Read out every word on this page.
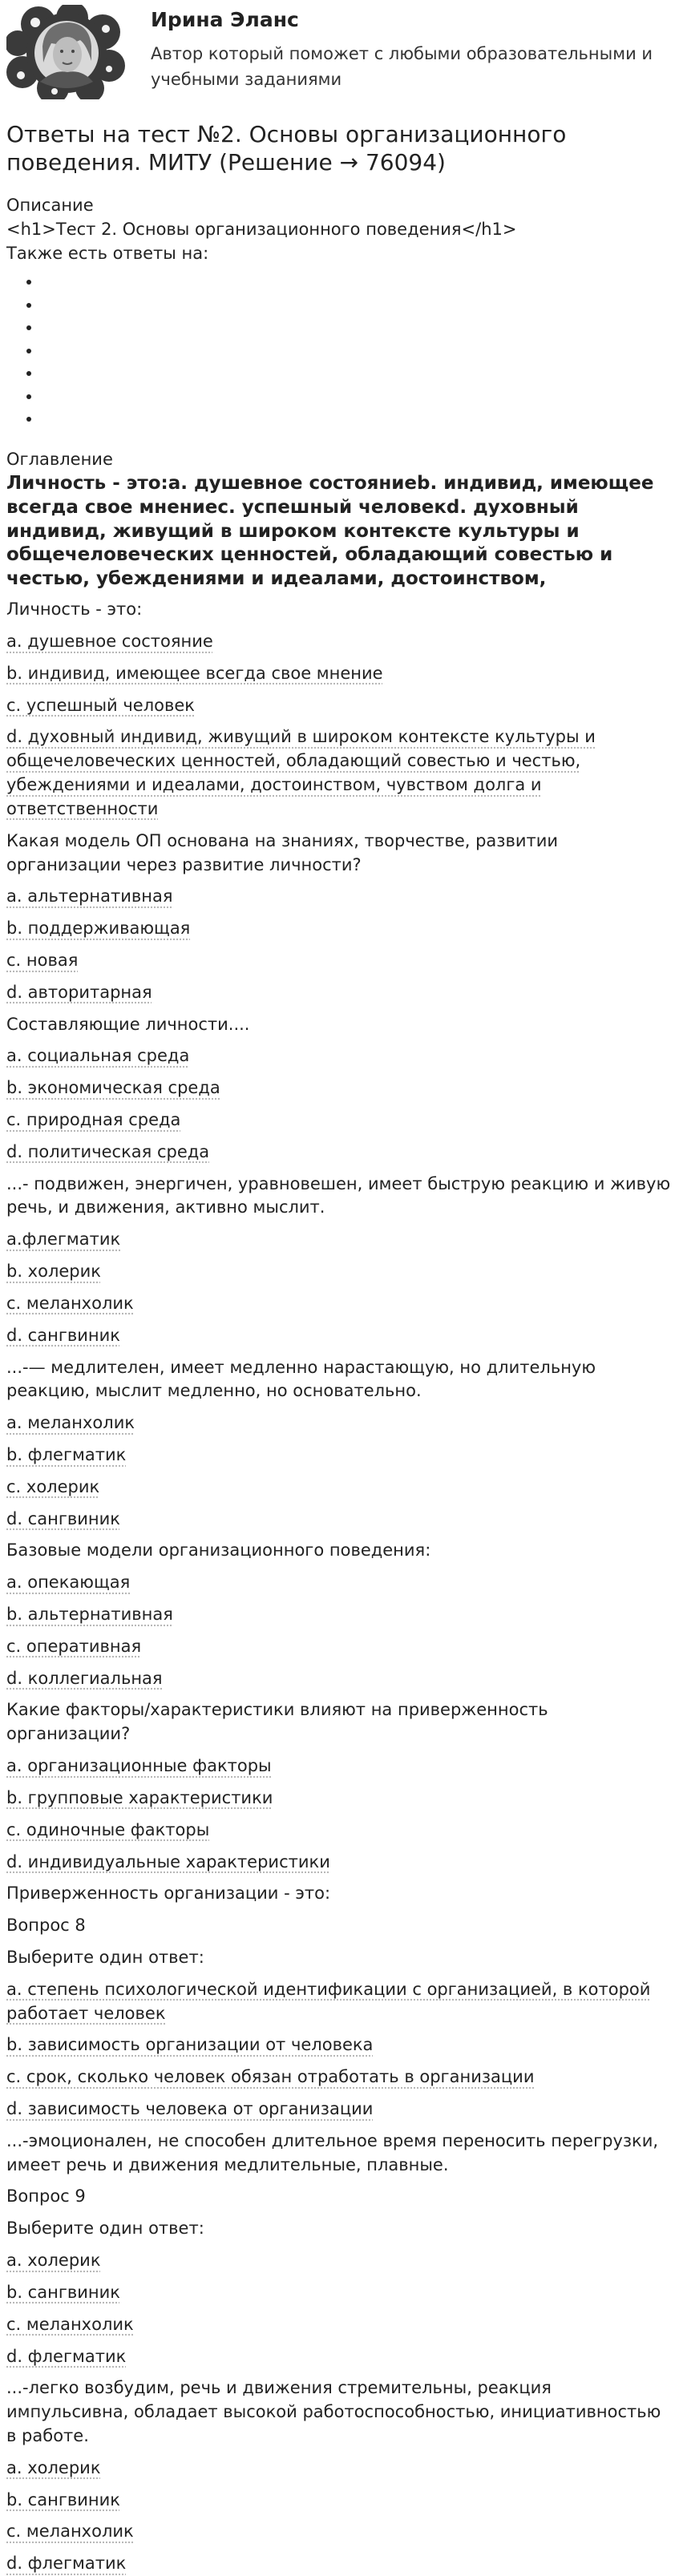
Ирина Эланс
Автор который поможет с любыми образовательными и учебными заданиями
Ответы на тест №2. Основы организационного поведения. МИТУ (Решение → 76094)
Описание
<h1>Тест 2. Основы организационного поведения</h1>
Также есть ответы на:
•
•
•
•
•
•
•
Оглавление
Личность - это:a. душевное состояниеb. индивид, имеющее всегда свое мнениес. успешный человекd. духовный индивид, живущий в широком контексте культуры и общечеловеческих ценностей, обладающий совестью и честью, убеждениями и идеалами, достоинством,

Личность - это:

a. душевное состояние

b. индивид, имеющее всегда свое мнение

с. успешный человек

d. духовный индивид, живущий в широком контексте культуры и общечеловеческих ценностей, обладающий совестью и честью, убеждениями и идеалами, достоинством, чувством долга и ответственности

Какая модель ОП основана на знаниях, творчестве, развитии организации через развитие личности?

a. альтернативная

b. поддерживающая

с. новая

d. авторитарная

Составляющие личности....

a. социальная среда

b. экономическая среда

с. природная среда

d. политическая среда

...- подвижен, энергичен, уравновешен, имеет быструю реакцию и живую речь, и движения, активно мыслит.

a.флегматик

b. холерик

с. меланхолик

d. сангвиник

...-— медлителен, имеет медленно нарастающую, но длительную реакцию, мыслит медленно, но основательно.

a. меланхолик

b. флегматик

с. холерик

d. сангвиник

Базовые модели организационного поведения:

a. опекающая

b. альтернативная

с. оперативная

d. коллегиальная

Какие факторы/характеристики влияют на приверженность организации?

a. организационные факторы

b. групповые характеристики

с. одиночные факторы

d. индивидуальные характеристики

Приверженность организации - это:

Вопрос 8

Выберите один ответ:

a. степень психологической идентификации с организацией, в которой работает человек

b. зависимость организации от человека

с. срок, сколько человек обязан отработать в организации

d. зависимость человека от организации

...-эмоционален, не способен длительное время переносить перегрузки, имеет речь и движения медлительные, плавные.

Вопрос 9

Выберите один ответ:

a. холерик

b. сангвиник

с. меланхолик

d. флегматик

...-легко возбудим, речь и движения стремительны, реакция импульсивна, обладает высокой работоспособностью, инициативностью в работе.

a. холерик

b. сангвиник

с. меланхолик

d. флегматик
